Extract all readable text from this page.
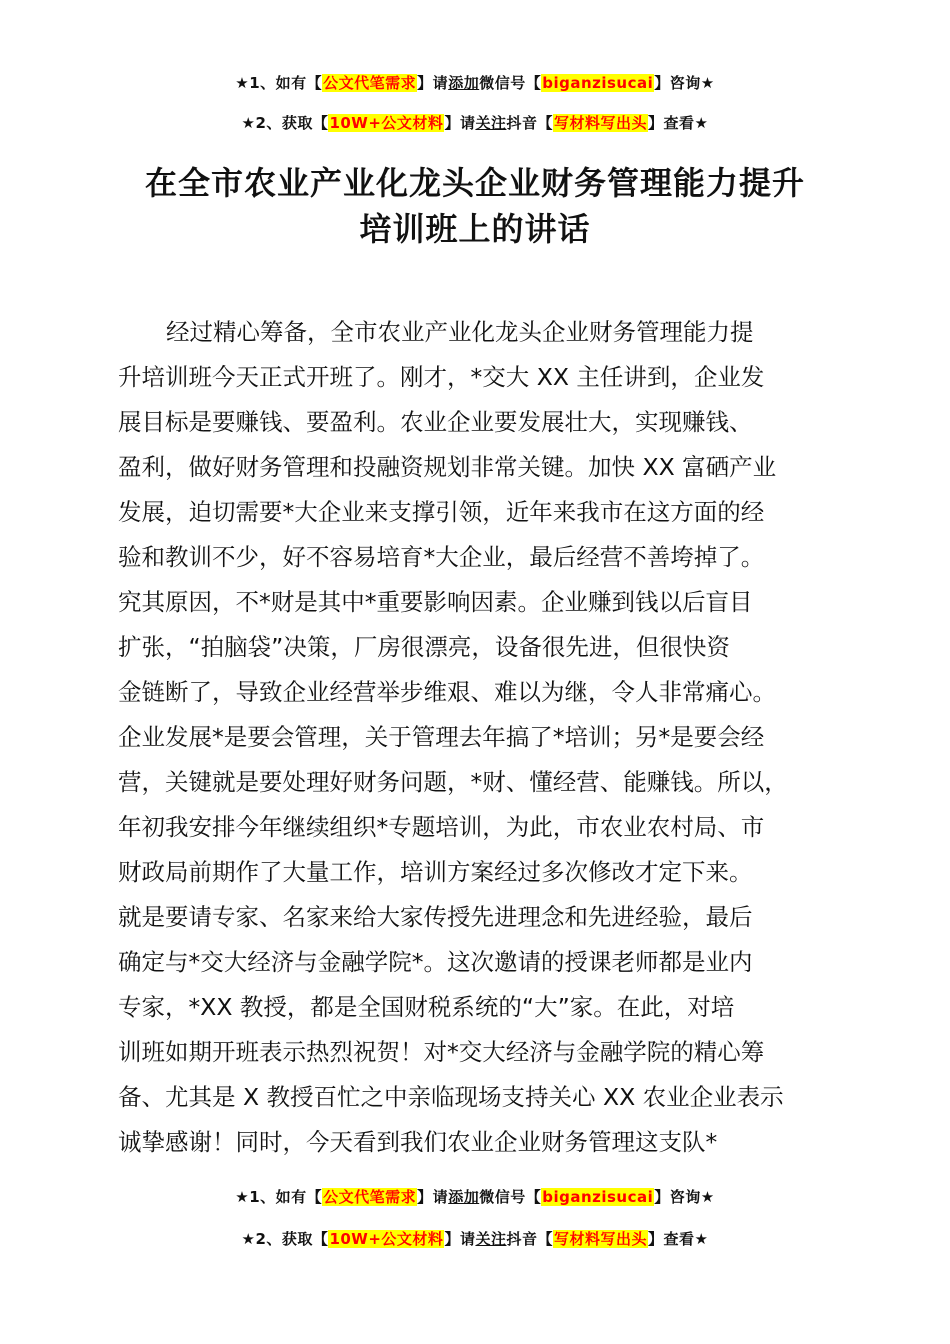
★1、如有【公文代笔需求】请添加微信号【biganzisucai】咨询★
★2、获取【10W+公文材料】请关注抖音【写材料写出头】查看★
在全市农业产业化龙头企业财务管理能力提升
培训班上的讲话
经过精心筹备，全市农业产业化龙头企业财务管理能力提
升培训班今天正式开班了。刚才，*交大 XX 主任讲到，企业发
展目标是要赚钱、要盈利。农业企业要发展壮大，实现赚钱、
盈利，做好财务管理和投融资规划非常关键。加快 XX 富硒产业
发展，迫切需要*大企业来支撑引领，近年来我市在这方面的经
验和教训不少，好不容易培育*大企业，最后经营不善垮掉了。
究其原因，不*财是其中*重要影响因素。企业赚到钱以后盲目
扩张，“拍脑袋”决策，厂房很漂亮，设备很先进，但很快资
金链断了，导致企业经营举步维艰、难以为继，令人非常痛心。
企业发展*是要会管理，关于管理去年搞了*培训；另*是要会经
营，关键就是要处理好财务问题，*财、懂经营、能赚钱。所以，
年初我安排今年继续组织*专题培训，为此，市农业农村局、市
财政局前期作了大量工作，培训方案经过多次修改才定下来。
就是要请专家、名家来给大家传授先进理念和先进经验，最后
确定与*交大经济与金融学院*。这次邀请的授课老师都是业内
专家，*XX 教授，都是全国财税系统的“大”家。在此，对培
训班如期开班表示热烈祝贺！对*交大经济与金融学院的精心筹
备、尤其是 X 教授百忙之中亲临现场支持关心 XX 农业企业表示
诚挚感谢！同时，今天看到我们农业企业财务管理这支队*
★1、如有【公文代笔需求】请添加微信号【biganzisucai】咨询★
★2、获取【10W+公文材料】请关注抖音【写材料写出头】查看★
